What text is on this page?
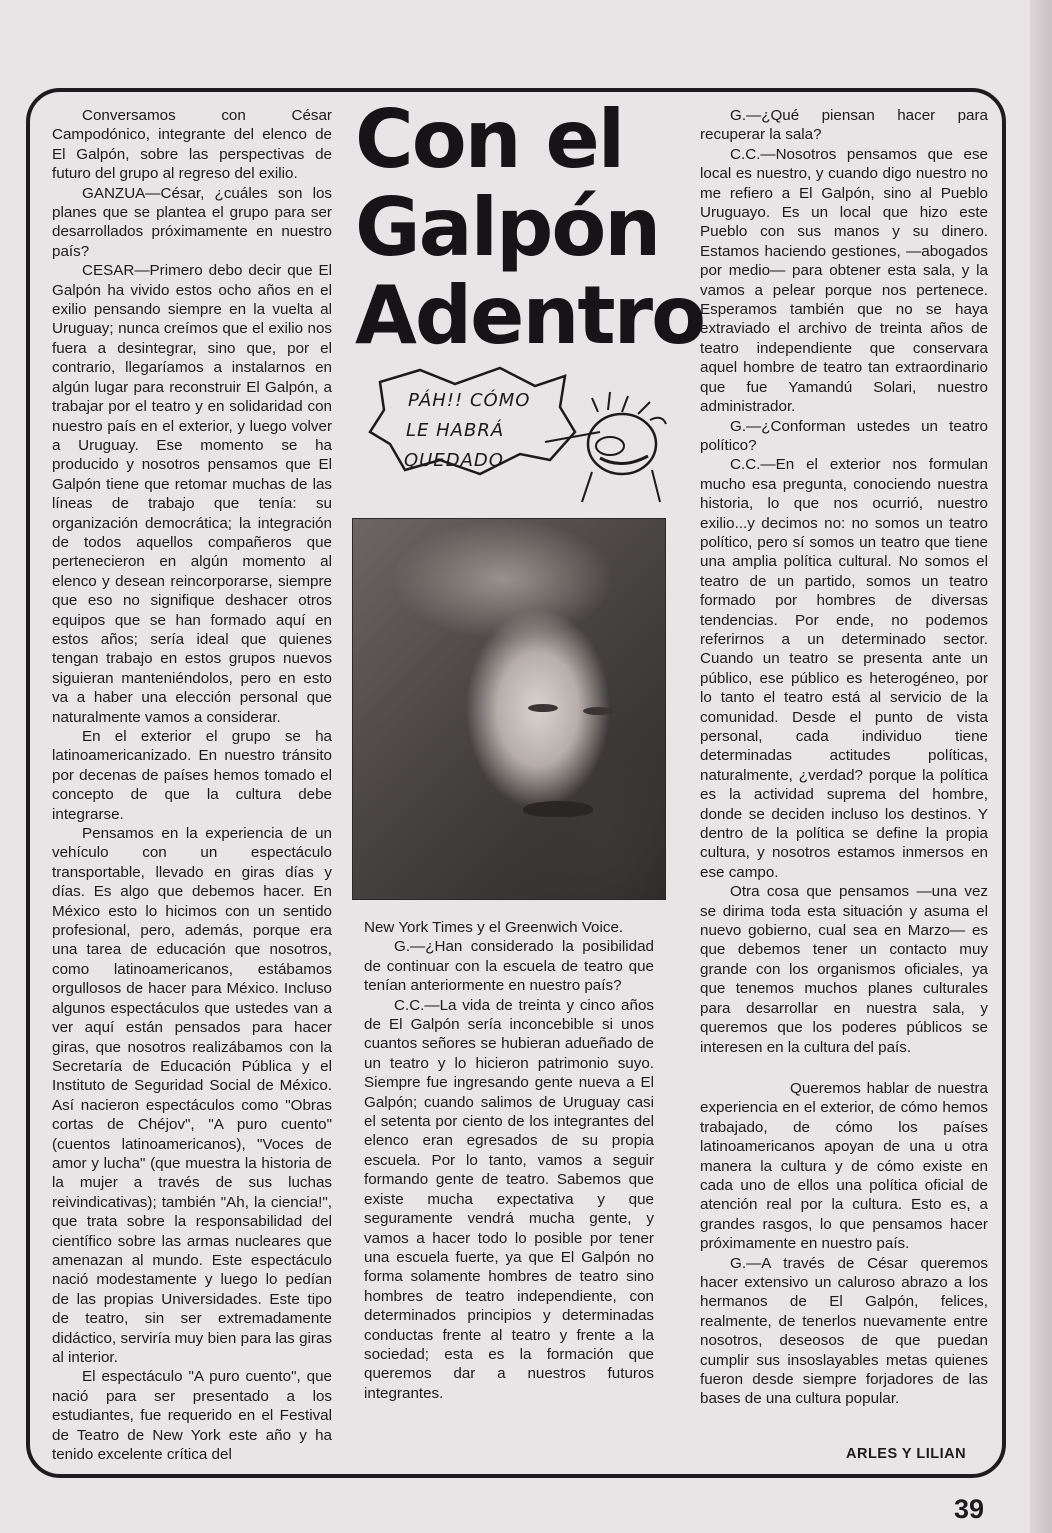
Conversamos con César Campodónico, integrante del elenco de El Galpón, sobre las perspectivas de futuro del grupo al regreso del exilio.

GANZUA—César, ¿cuáles son los planes que se plantea el grupo para ser desarrollados próximamente en nuestro país?

CESAR—Primero debo decir que El Galpón ha vivido estos ocho años en el exilio pensando siempre en la vuelta al Uruguay; nunca creímos que el exilio nos fuera a desintegrar, sino que, por el contrario, llegaríamos a instalarnos en algún lugar para reconstruir El Galpón, a trabajar por el teatro y en solidaridad con nuestro país en el exterior, y luego volver a Uruguay. Ese momento se ha producido y nosotros pensamos que El Galpón tiene que retomar muchas de las líneas de trabajo que tenía: su organización democrática; la integración de todos aquellos compañeros que pertenecieron en algún momento al elenco y desean reincorporarse, siempre que eso no signifique deshacer otros equipos que se han formado aquí en estos años; sería ideal que quienes tengan trabajo en estos grupos nuevos siguieran manteniéndolos, pero en esto va a haber una elección personal que naturalmente vamos a considerar.

En el exterior el grupo se ha latinoamericanizado. En nuestro tránsito por decenas de países hemos tomado el concepto de que la cultura debe integrarse.

Pensamos en la experiencia de un vehículo con un espectáculo transportable, llevado en giras días y días. Es algo que debemos hacer. En México esto lo hicimos con un sentido profesional, pero, además, porque era una tarea de educación que nosotros, como latinoamericanos, estábamos orgullosos de hacer para México. Incluso algunos espectáculos que ustedes van a ver aquí están pensados para hacer giras, que nosotros realizábamos con la Secretaría de Educación Pública y el Instituto de Seguridad Social de México. Así nacieron espectáculos como "Obras cortas de Chéjov", "A puro cuento" (cuentos latinoamericanos), "Voces de amor y lucha" (que muestra la historia de la mujer a través de sus luchas reivindicativas); también "Ah, la ciencia!", que trata sobre la responsabilidad del científico sobre las armas nucleares que amenazan al mundo. Este espectáculo nació modestamente y luego lo pedían de las propias Universidades. Este tipo de teatro, sin ser extremadamente didáctico, serviría muy bien para las giras al interior.

El espectáculo "A puro cuento", que nació para ser presentado a los estudiantes, fue requerido en el Festival de Teatro de New York este año y ha tenido excelente crítica del

Con el
Galpón
Adentro
PÁH!! CÓMO
LE HABRÁ
QUEDADO

New York Times y el Greenwich Voice.

G.—¿Han considerado la posibilidad de continuar con la escuela de teatro que tenían anteriormente en nuestro país?

C.C.—La vida de treinta y cinco años de El Galpón sería inconcebible si unos cuantos señores se hubieran adueñado de un teatro y lo hicieron patrimonio suyo. Siempre fue ingresando gente nueva a El Galpón; cuando salimos de Uruguay casi el setenta por ciento de los integrantes del elenco eran egresados de su propia escuela. Por lo tanto, vamos a seguir formando gente de teatro. Sabemos que existe mucha expectativa y que seguramente vendrá mucha gente, y vamos a hacer todo lo posible por tener una escuela fuerte, ya que El Galpón no forma solamente hombres de teatro sino hombres de teatro independiente, con determinados principios y determinadas conductas frente al teatro y frente a la sociedad; esta es la formación que queremos dar a nuestros futuros integrantes.

G.—¿Qué piensan hacer para recuperar la sala?

C.C.—Nosotros pensamos que ese local es nuestro, y cuando digo nuestro no me refiero a El Galpón, sino al Pueblo Uruguayo. Es un local que hizo este Pueblo con sus manos y su dinero. Estamos haciendo gestiones, —abogados por medio— para obtener esta sala, y la vamos a pelear porque nos pertenece. Esperamos también que no se haya extraviado el archivo de treinta años de teatro independiente que conservara aquel hombre de teatro tan extraordinario que fue Yamandú Solari, nuestro administrador.

G.—¿Conforman ustedes un teatro político?

C.C.—En el exterior nos formulan mucho esa pregunta, conociendo nuestra historia, lo que nos ocurrió, nuestro exilio...y decimos no: no somos un teatro político, pero sí somos un teatro que tiene una amplia política cultural. No somos el teatro de un partido, somos un teatro formado por hombres de diversas tendencias. Por ende, no podemos referirnos a un determinado sector. Cuando un teatro se presenta ante un público, ese público es heterogéneo, por lo tanto el teatro está al servicio de la comunidad. Desde el punto de vista personal, cada individuo tiene determinadas actitudes políticas, naturalmente, ¿verdad? porque la política es la actividad suprema del hombre, donde se deciden incluso los destinos. Y dentro de la política se define la propia cultura, y nosotros estamos inmersos en ese campo.

Otra cosa que pensamos —una vez se dirima toda esta situación y asuma el nuevo gobierno, cual sea en Marzo— es que debemos tener un contacto muy grande con los organismos oficiales, ya que tenemos muchos planes culturales para desarrollar en nuestra sala, y queremos que los poderes públicos se interesen en la cultura del país.

Queremos hablar de nuestra experiencia en el exterior, de cómo hemos trabajado, de cómo los países latinoamericanos apoyan de una u otra manera la cultura y de cómo existe en cada uno de ellos una política oficial de atención real por la cultura. Esto es, a grandes rasgos, lo que pensamos hacer próximamente en nuestro país.

G.—A través de César queremos hacer extensivo un caluroso abrazo a los hermanos de El Galpón, felices, realmente, de tenerlos nuevamente entre nosotros, deseosos de que puedan cumplir sus insoslayables metas quienes fueron desde siempre forjadores de las bases de una cultura popular.

ARLES Y LILIAN
39
